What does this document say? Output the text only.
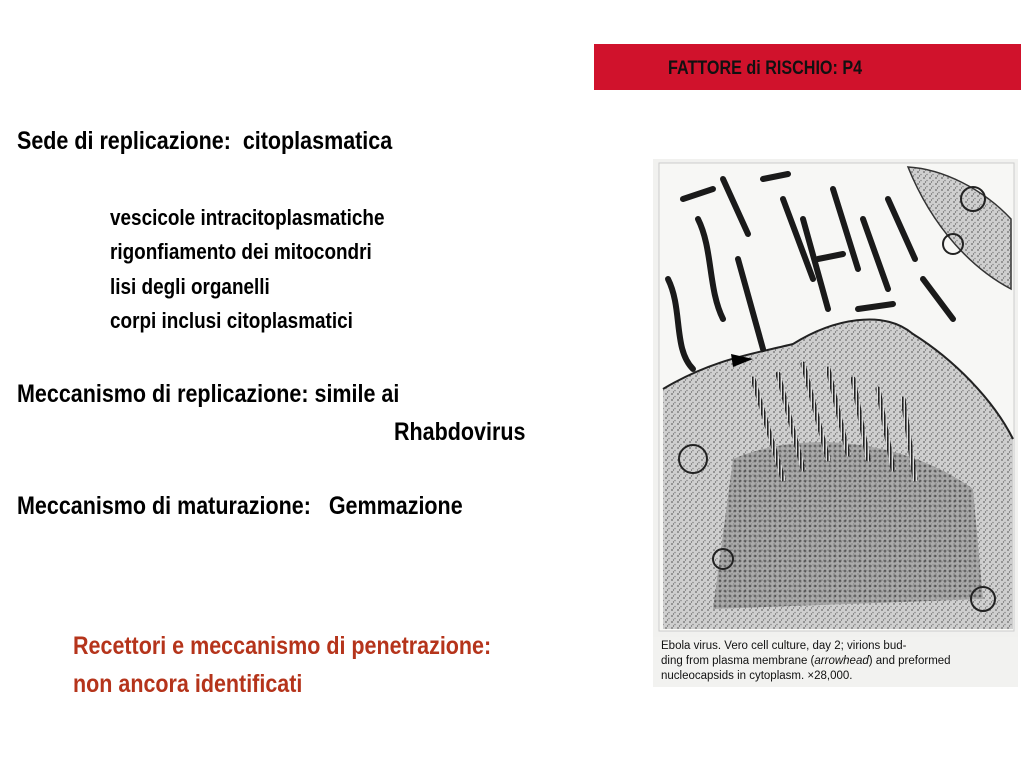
FATTORE di RISCHIO: P4
Sede di replicazione: citoplasmatica
vescicole intracitoplasmatiche
rigonfiamento dei mitocondri
lisi degli organelli
corpi inclusi citoplasmatici
Meccanismo di replicazione: simile ai
Rhabdovirus
Meccanismo di maturazione: Gemmazione
Recettori e meccanismo di penetrazione:
non ancora identificati
Ebola virus. Vero cell culture, day 2; virions bud-
ding from plasma membrane (arrowhead) and preformed
nucleocapsids in cytoplasm. ×28,000.
